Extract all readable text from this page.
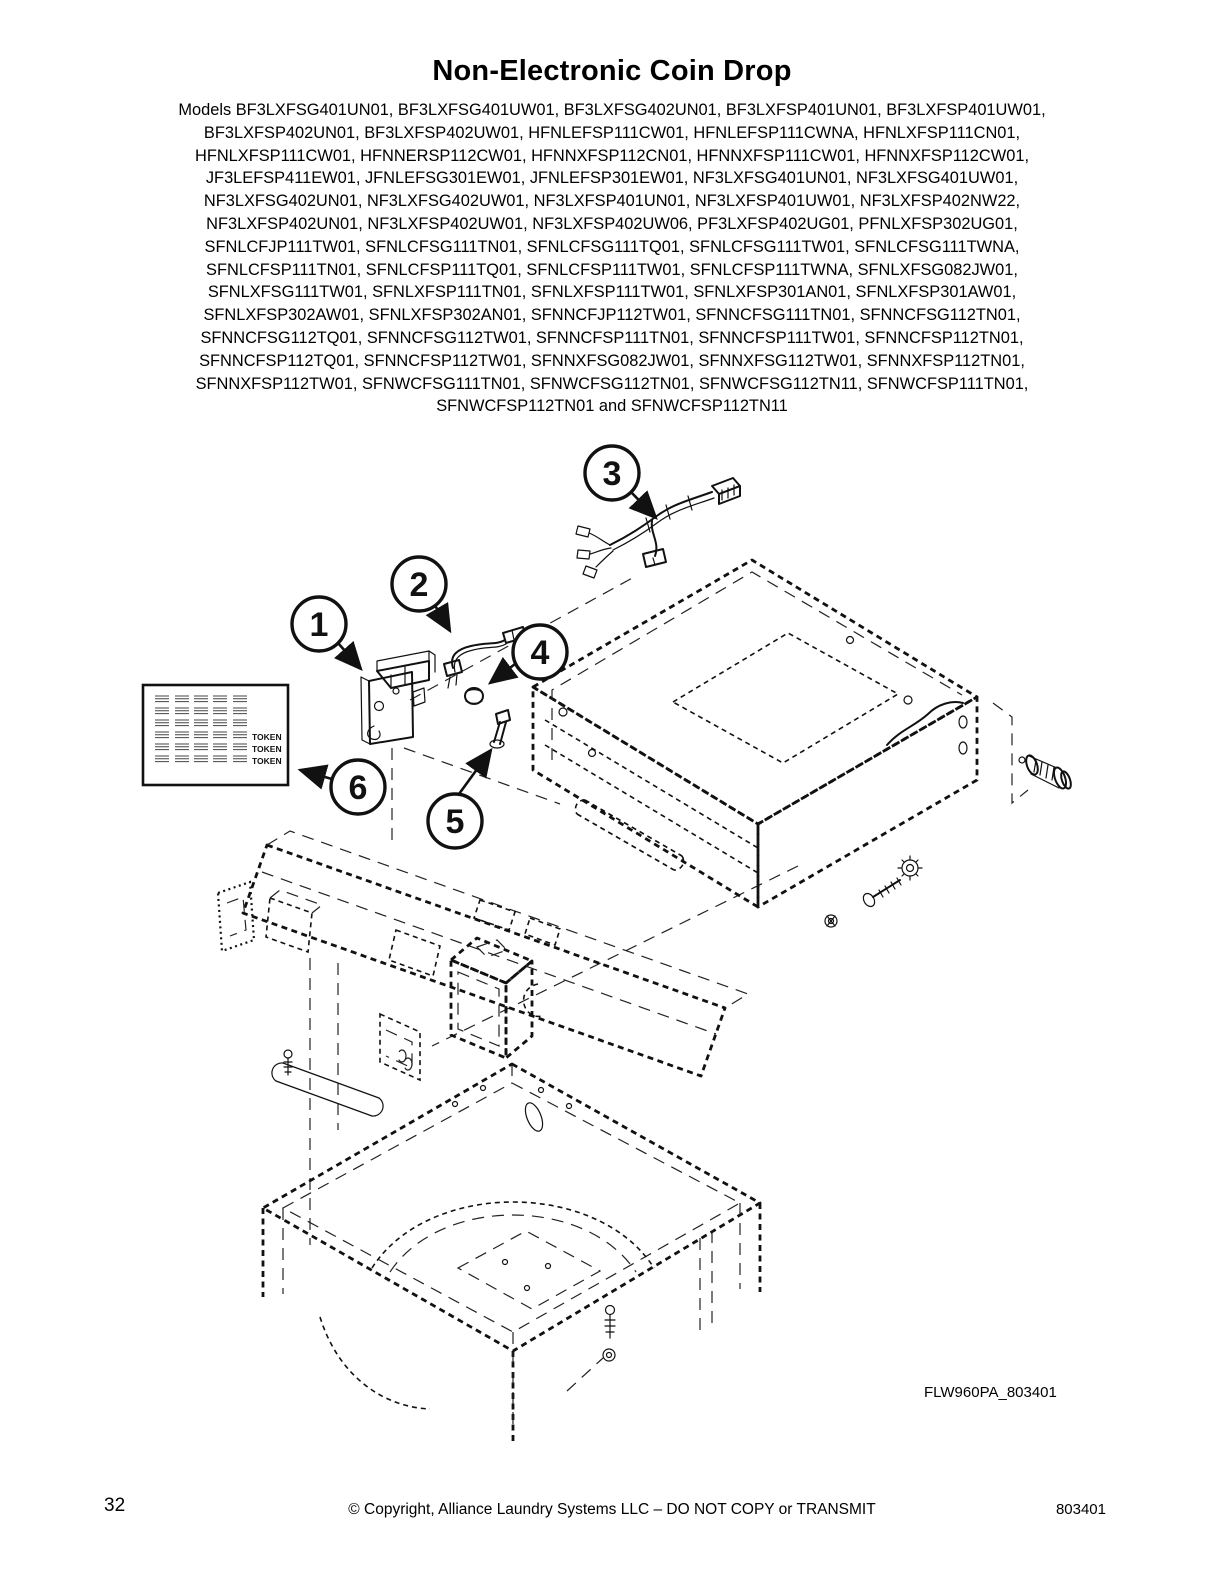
Non-Electronic Coin Drop
Models BF3LXFSG401UN01, BF3LXFSG401UW01, BF3LXFSG402UN01, BF3LXFSP401UN01, BF3LXFSP401UW01,
BF3LXFSP402UN01, BF3LXFSP402UW01, HFNLEFSP111CW01, HFNLEFSP111CWNA, HFNLXFSP111CN01,
HFNLXFSP111CW01, HFNNERSP112CW01, HFNNXFSP112CN01, HFNNXFSP111CW01, HFNNXFSP112CW01,
JF3LEFSP411EW01, JFNLEFSG301EW01, JFNLEFSP301EW01, NF3LXFSG401UN01, NF3LXFSG401UW01,
NF3LXFSG402UN01, NF3LXFSG402UW01, NF3LXFSP401UN01, NF3LXFSP401UW01, NF3LXFSP402NW22,
NF3LXFSP402UN01, NF3LXFSP402UW01, NF3LXFSP402UW06, PF3LXFSP402UG01, PFNLXFSP302UG01,
SFNLCFJP111TW01, SFNLCFSG111TN01, SFNLCFSG111TQ01, SFNLCFSG111TW01, SFNLCFSG111TWNA,
SFNLCFSP111TN01, SFNLCFSP111TQ01, SFNLCFSP111TW01, SFNLCFSP111TWNA, SFNLXFSG082JW01,
SFNLXFSG111TW01, SFNLXFSP111TN01, SFNLXFSP111TW01, SFNLXFSP301AN01, SFNLXFSP301AW01,
SFNLXFSP302AW01, SFNLXFSP302AN01, SFNNCFJP112TW01, SFNNCFSG111TN01, SFNNCFSG112TN01,
SFNNCFSG112TQ01, SFNNCFSG112TW01, SFNNCFSP111TN01, SFNNCFSP111TW01, SFNNCFSP112TN01,
SFNNCFSP112TQ01, SFNNCFSP112TW01, SFNNXFSG082JW01, SFNNXFSG112TW01, SFNNXFSP112TN01,
SFNNXFSP112TW01, SFNWCFSG111TN01, SFNWCFSG112TN01, SFNWCFSG112TN11, SFNWCFSP111TN01,
SFNWCFSP112TN01 and SFNWCFSP112TN11
TOKEN
TOKEN
TOKEN
1
2
3
4
5
6
FLW960PA_803401
32	© Copyright, Alliance Laundry Systems LLC – DO NOT COPY or TRANSMIT	803401
